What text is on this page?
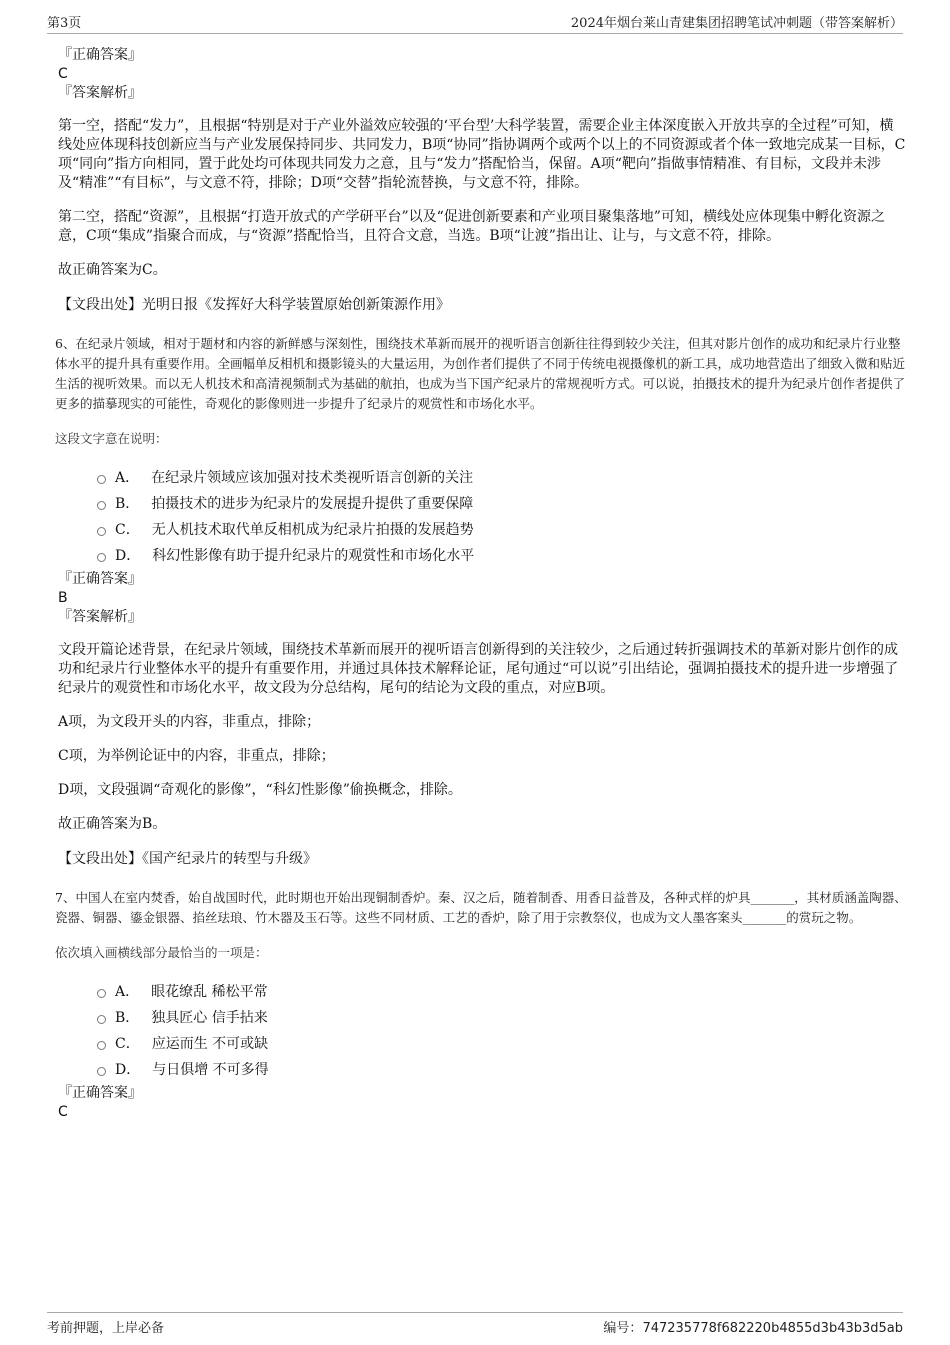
第3页	2024年烟台莱山青建集团招聘笔试冲刺题（带答案解析）
『正确答案』
C
『答案解析』
第一空，搭配“发力”，且根据“特别是对于产业外溢效应较强的‘平台型’大科学装置，需要企业主体深度嵌入开放共享的全过程”可知，横线处应体现科技创新应当与产业发展保持同步、共同发力，B项“协同”指协调两个或两个以上的不同资源或者个体一致地完成某一目标，C项“同向”指方向相同，置于此处均可体现共同发力之意，且与“发力”搭配恰当，保留。A项“靶向”指做事情精准、有目标，文段并未涉及“精准”“有目标”，与文意不符，排除；D项“交替”指轮流替换，与文意不符，排除。
第二空，搭配“资源”，且根据“打造开放式的产学研平台”以及“促进创新要素和产业项目聚集落地”可知，横线处应体现集中孵化资源之意，C项“集成”指聚合而成，与“资源”搭配恰当，且符合文意，当选。B项“让渡”指出让、让与，与文意不符，排除。
故正确答案为C。
【文段出处】光明日报《发挥好大科学装置原始创新策源作用》
6、在纪录片领域，相对于题材和内容的新鲜感与深刻性，围绕技术革新而展开的视听语言创新往往得到较少关注，但其对影片创作的成功和纪录片行业整体水平的提升具有重要作用。全画幅单反相机和摄影镜头的大量运用，为创作者们提供了不同于传统电视摄像机的新工具，成功地营造出了细致入微和贴近生活的视听效果。而以无人机技术和高清视频制式为基础的航拍，也成为当下国产纪录片的常规视听方式。可以说，拍摄技术的提升为纪录片创作者提供了更多的描摹现实的可能性，奇观化的影像则进一步提升了纪录片的观赏性和市场化水平。
这段文字意在说明：
A． 在纪录片领域应该加强对技术类视听语言创新的关注
B． 拍摄技术的进步为纪录片的发展提升提供了重要保障
C． 无人机技术取代单反相机成为纪录片拍摄的发展趋势
D． 科幻性影像有助于提升纪录片的观赏性和市场化水平
『正确答案』
B
『答案解析』
文段开篇论述背景，在纪录片领域，围绕技术革新而展开的视听语言创新得到的关注较少，之后通过转折强调技术的革新对影片创作的成功和纪录片行业整体水平的提升有重要作用，并通过具体技术解释论证，尾句通过“可以说”引出结论，强调拍摄技术的提升进一步增强了纪录片的观赏性和市场化水平，故文段为分总结构，尾句的结论为文段的重点，对应B项。
A项，为文段开头的内容，非重点，排除；
C项，为举例论证中的内容，非重点，排除；
D项，文段强调“奇观化的影像”，“科幻性影像”偷换概念，排除。
故正确答案为B。
【文段出处】《国产纪录片的转型与升级》
7、中国人在室内焚香，始自战国时代，此时期也开始出现铜制香炉。秦、汉之后，随着制香、用香日益普及，各种式样的炉具_______，其材质涵盖陶器、瓷器、铜器、鎏金银器、掐丝珐琅、竹木器及玉石等。这些不同材质、工艺的香炉，除了用于宗教祭仪，也成为文人墨客案头_______的赏玩之物。
依次填入画横线部分最恰当的一项是：
A． 眼花缭乱 稀松平常
B． 独具匠心 信手拈来
C． 应运而生 不可或缺
D． 与日俱增 不可多得
『正确答案』
C
考前押题，上岸必备	编号：747235778f682220b4855d3b43b3d5ab
